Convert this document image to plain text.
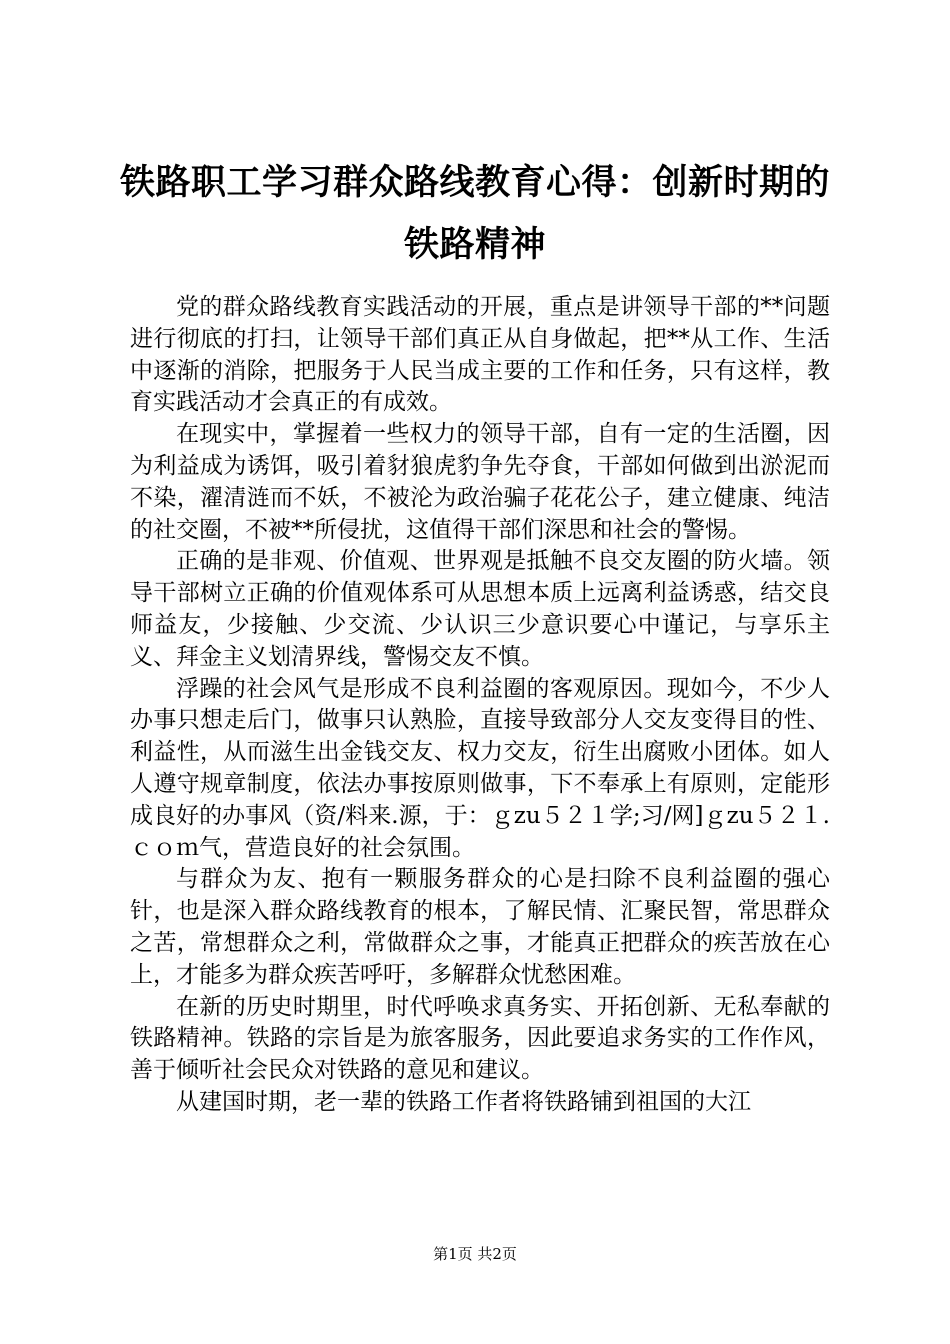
铁路职工学习群众路线教育心得：创新时期的
铁路精神

党的群众路线教育实践活动的开展，重点是讲领导干部的**问题进行彻底的打扫，让领导干部们真正从自身做起，把**从工作、生活中逐渐的消除，把服务于人民当成主要的工作和任务，只有这样，教育实践活动才会真正的有成效。

在现实中，掌握着一些权力的领导干部，自有一定的生活圈，因为利益成为诱饵，吸引着豺狼虎豹争先夺食，干部如何做到出淤泥而不染，濯清涟而不妖，不被沦为政治骗子花花公子，建立健康、纯洁的社交圈，不被**所侵扰，这值得干部们深思和社会的警惕。

正确的是非观、价值观、世界观是抵触不良交友圈的防火墙。领导干部树立正确的价值观体系可从思想本质上远离利益诱惑，结交良师益友，少接触、少交流、少认识三少意识要心中谨记，与享乐主义、拜金主义划清界线，警惕交友不慎。

浮躁的社会风气是形成不良利益圈的客观原因。现如今，不少人办事只想走后门，做事只认熟脸，直接导致部分人交友变得目的性、利益性，从而滋生出金钱交友、权力交友，衍生出腐败小团体。如人人遵守规章制度，依法办事按原则做事，下不奉承上有原则，定能形成良好的办事风（资/料来.源，于：ｇzu５２１学;习/网]ｇzu５２１.ｃｏｍ气，营造良好的社会氛围。

与群众为友、抱有一颗服务群众的心是扫除不良利益圈的强心针，也是深入群众路线教育的根本，了解民情、汇聚民智，常思群众之苦，常想群众之利，常做群众之事，才能真正把群众的疾苦放在心上，才能多为群众疾苦呼吁，多解群众忧愁困难。

在新的历史时期里，时代呼唤求真务实、开拓创新、无私奉献的铁路精神。铁路的宗旨是为旅客服务，因此要追求务实的工作作风，善于倾听社会民众对铁路的意见和建议。

从建国时期，老一辈的铁路工作者将铁路铺到祖国的大江

第1页 共2页
